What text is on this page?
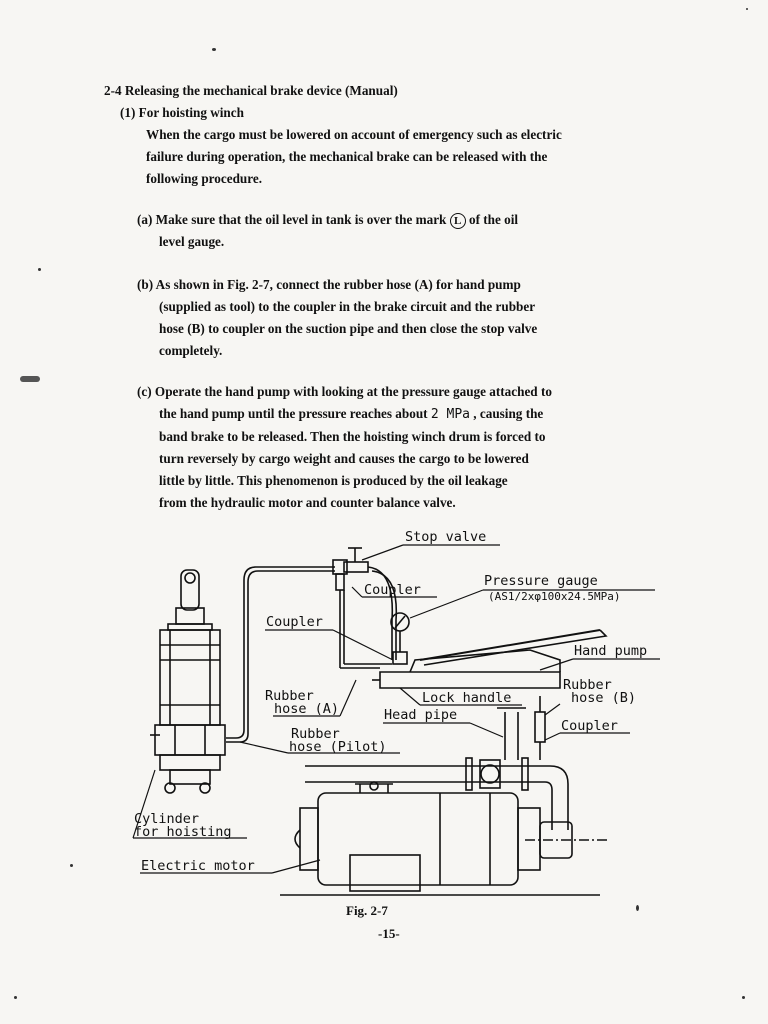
2-4 Releasing the mechanical brake device (Manual)
(1) For hoisting winch
When the cargo must be lowered on account of emergency such as electric
failure during operation, the mechanical brake can be released with the
following procedure.
(a) Make sure that the oil level in tank is over the mark L of the oil
level gauge.
(b) As shown in Fig. 2-7, connect the rubber hose (A) for hand pump
(supplied as tool) to the coupler in the brake circuit and the rubber
hose (B) to coupler on the suction pipe and then close the stop valve
completely.
(c) Operate the hand pump with looking at the pressure gauge attached to
the hand pump until the pressure reaches about 2 MPa , causing the
band brake to be released. Then the hoisting winch drum is forced to
turn reversely by cargo weight and causes the cargo to be lowered
little by little. This phenomenon is produced by the oil leakage
from the hydraulic motor and counter balance valve.
Stop valve
Coupler
Pressure gauge
(AS1/2xφ100x24.5MPa)
Coupler
Hand pump
Rubber
hose (B)
Rubber
hose (A)
Lock handle
Head pipe
Coupler
Rubber
hose (Pilot)
Cylinder
for hoisting
Electric motor
Fig. 2-7
-15-
